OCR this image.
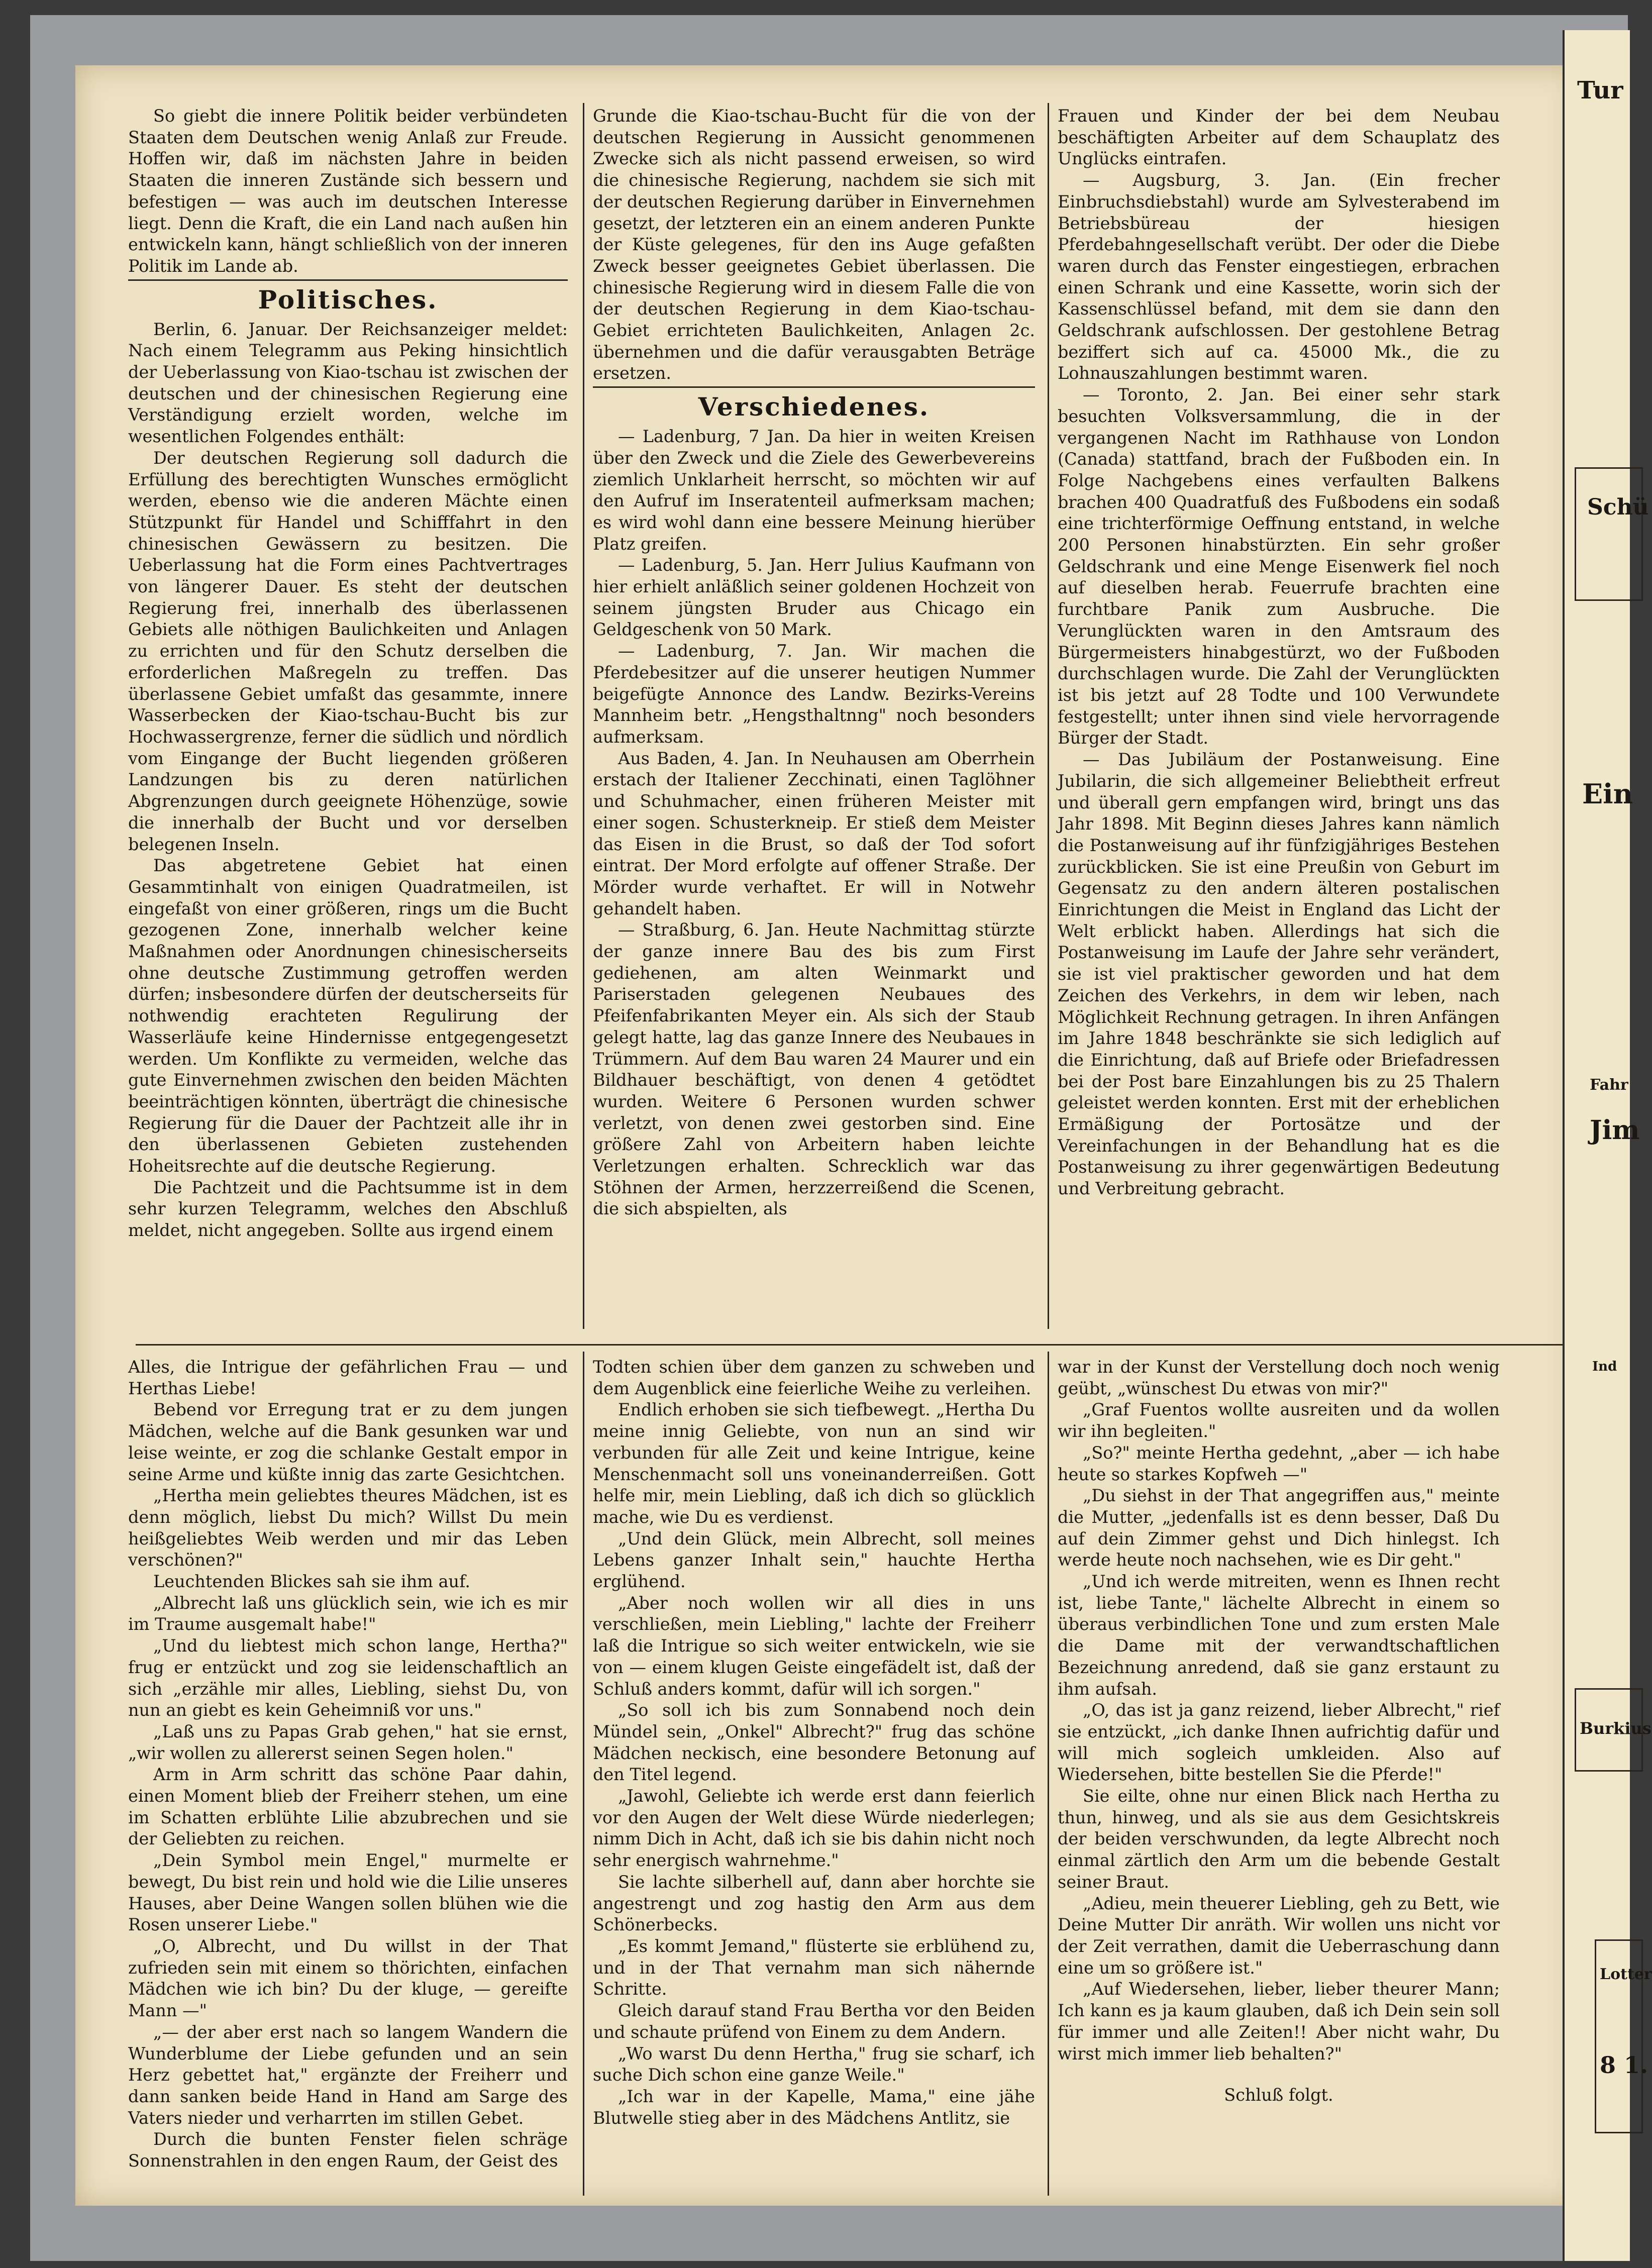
So giebt die innere Politik beider verbündeten Staaten dem Deutschen wenig Anlaß zur Freude. Hoffen wir, daß im nächsten Jahre in beiden Staaten die inneren Zustände sich bessern und befestigen — was auch im deutschen Interesse liegt. Denn die Kraft, die ein Land nach außen hin entwickeln kann, hängt schließlich von der inneren Politik im Lande ab.

Politisches.

Berlin, 6. Januar. Der Reichsanzeiger meldet: Nach einem Telegramm aus Peking hinsichtlich der Ueberlassung von Kiao-tschau ist zwischen der deutschen und der chinesischen Regierung eine Verständigung erzielt worden, welche im wesentlichen Folgendes enthält:

Der deutschen Regierung soll dadurch die Erfüllung des berechtigten Wunsches ermöglicht werden, ebenso wie die anderen Mächte einen Stützpunkt für Handel und Schifffahrt in den chinesischen Gewässern zu besitzen. Die Ueberlassung hat die Form eines Pachtvertrages von längerer Dauer. Es steht der deutschen Regierung frei, innerhalb des überlassenen Gebiets alle nöthigen Baulichkeiten und Anlagen zu errichten und für den Schutz derselben die erforderlichen Maßregeln zu treffen. Das überlassene Gebiet umfaßt das gesammte, innere Wasserbecken der Kiao-tschau-Bucht bis zur Hochwassergrenze, ferner die südlich und nördlich vom Eingange der Bucht liegenden größeren Landzungen bis zu deren natürlichen Abgrenzungen durch geeignete Höhenzüge, sowie die innerhalb der Bucht und vor derselben belegenen Inseln.

Das abgetretene Gebiet hat einen Gesammtinhalt von einigen Quadratmeilen, ist eingefaßt von einer größeren, rings um die Bucht gezogenen Zone, innerhalb welcher keine Maßnahmen oder Anordnungen chinesischerseits ohne deutsche Zustimmung getroffen werden dürfen; insbesondere dürfen der deutscherseits für nothwendig erachteten Regulirung der Wasserläufe keine Hindernisse entgegengesetzt werden. Um Konflikte zu vermeiden, welche das gute Einvernehmen zwischen den beiden Mächten beeinträchtigen könnten, überträgt die chinesische Regierung für die Dauer der Pachtzeit alle ihr in den überlassenen Gebieten zustehenden Hoheitsrechte auf die deutsche Regierung.

Die Pachtzeit und die Pachtsumme ist in dem sehr kurzen Telegramm, welches den Abschluß meldet, nicht angegeben. Sollte aus irgend einem

Grunde die Kiao-tschau-Bucht für die von der deutschen Regierung in Aussicht genommenen Zwecke sich als nicht passend erweisen, so wird die chinesische Regierung, nachdem sie sich mit der deutschen Regierung darüber in Einvernehmen gesetzt, der letzteren ein an einem anderen Punkte der Küste gelegenes, für den ins Auge gefaßten Zweck besser geeignetes Gebiet überlassen. Die chinesische Regierung wird in diesem Falle die von der deutschen Regierung in dem Kiao-tschau-Gebiet errichteten Baulichkeiten, Anlagen 2c. übernehmen und die dafür verausgabten Beträge ersetzen.

Verschiedenes.

— Ladenburg, 7 Jan. Da hier in weiten Kreisen über den Zweck und die Ziele des Gewerbevereins ziemlich Unklarheit herrscht, so möchten wir auf den Aufruf im Inseratenteil aufmerksam machen; es wird wohl dann eine bessere Meinung hierüber Platz greifen.

— Ladenburg, 5. Jan. Herr Julius Kaufmann von hier erhielt anläßlich seiner goldenen Hochzeit von seinem jüngsten Bruder aus Chicago ein Geldgeschenk von 50 Mark.

— Ladenburg, 7. Jan. Wir machen die Pferdebesitzer auf die unserer heutigen Nummer beigefügte Annonce des Landw. Bezirks-Vereins Mannheim betr. „Hengsthaltnng" noch besonders aufmerksam.

Aus Baden, 4. Jan. In Neuhausen am Oberrhein erstach der Italiener Zecchinati, einen Taglöhner und Schuhmacher, einen früheren Meister mit einer sogen. Schusterkneip. Er stieß dem Meister das Eisen in die Brust, so daß der Tod sofort eintrat. Der Mord erfolgte auf offener Straße. Der Mörder wurde verhaftet. Er will in Notwehr gehandelt haben.

— Straßburg, 6. Jan. Heute Nachmittag stürzte der ganze innere Bau des bis zum First gediehenen, am alten Weinmarkt und Pariserstaden gelegenen Neubaues des Pfeifenfabrikanten Meyer ein. Als sich der Staub gelegt hatte, lag das ganze Innere des Neubaues in Trümmern. Auf dem Bau waren 24 Maurer und ein Bildhauer beschäftigt, von denen 4 getödtet wurden. Weitere 6 Personen wurden schwer verletzt, von denen zwei gestorben sind. Eine größere Zahl von Arbeitern haben leichte Verletzungen erhalten. Schrecklich war das Stöhnen der Armen, herzzerreißend die Scenen, die sich abspielten, als

Frauen und Kinder der bei dem Neubau beschäftigten Arbeiter auf dem Schauplatz des Unglücks eintrafen.

— Augsburg, 3. Jan. (Ein frecher Einbruchsdiebstahl) wurde am Sylvesterabend im Betriebsbüreau der hiesigen Pferdebahngesellschaft verübt. Der oder die Diebe waren durch das Fenster eingestiegen, erbrachen einen Schrank und eine Kassette, worin sich der Kassenschlüssel befand, mit dem sie dann den Geldschrank aufschlossen. Der gestohlene Betrag beziffert sich auf ca. 45000 Mk., die zu Lohnauszahlungen bestimmt waren.

— Toronto, 2. Jan. Bei einer sehr stark besuchten Volksversammlung, die in der vergangenen Nacht im Rathhause von London (Canada) stattfand, brach der Fußboden ein. In Folge Nachgebens eines verfaulten Balkens brachen 400 Quadratfuß des Fußbodens ein sodaß eine trichterförmige Oeffnung entstand, in welche 200 Personen hinabstürzten. Ein sehr großer Geldschrank und eine Menge Eisenwerk fiel noch auf dieselben herab. Feuerrufe brachten eine furchtbare Panik zum Ausbruche. Die Verunglückten waren in den Amtsraum des Bürgermeisters hinabgestürzt, wo der Fußboden durchschlagen wurde. Die Zahl der Verunglückten ist bis jetzt auf 28 Todte und 100 Verwundete festgestellt; unter ihnen sind viele hervorragende Bürger der Stadt.

— Das Jubiläum der Postanweisung. Eine Jubilarin, die sich allgemeiner Beliebtheit erfreut und überall gern empfangen wird, bringt uns das Jahr 1898. Mit Beginn dieses Jahres kann nämlich die Postanweisung auf ihr fünfzigjähriges Bestehen zurückblicken. Sie ist eine Preußin von Geburt im Gegensatz zu den andern älteren postalischen Einrichtungen die Meist in England das Licht der Welt erblickt haben. Allerdings hat sich die Postanweisung im Laufe der Jahre sehr verändert, sie ist viel praktischer geworden und hat dem Zeichen des Verkehrs, in dem wir leben, nach Möglichkeit Rechnung getragen. In ihren Anfängen im Jahre 1848 beschränkte sie sich lediglich auf die Einrichtung, daß auf Briefe oder Briefadressen bei der Post bare Einzahlungen bis zu 25 Thalern geleistet werden konnten. Erst mit der erheblichen Ermäßigung der Portosätze und der Vereinfachungen in der Behandlung hat es die Postanweisung zu ihrer gegenwärtigen Bedeutung und Verbreitung gebracht.

Alles, die Intrigue der gefährlichen Frau — und Herthas Liebe!

Bebend vor Erregung trat er zu dem jungen Mädchen, welche auf die Bank gesunken war und leise weinte, er zog die schlanke Gestalt empor in seine Arme und küßte innig das zarte Gesichtchen.

„Hertha mein geliebtes theures Mädchen, ist es denn möglich, liebst Du mich? Willst Du mein heißgeliebtes Weib werden und mir das Leben verschönen?"

Leuchtenden Blickes sah sie ihm auf.

„Albrecht laß uns glücklich sein, wie ich es mir im Traume ausgemalt habe!"

„Und du liebtest mich schon lange, Hertha?" frug er entzückt und zog sie leidenschaftlich an sich „erzähle mir alles, Liebling, siehst Du, von nun an giebt es kein Geheimniß vor uns."

„Laß uns zu Papas Grab gehen," hat sie ernst, „wir wollen zu allererst seinen Segen holen."

Arm in Arm schritt das schöne Paar dahin, einen Moment blieb der Freiherr stehen, um eine im Schatten erblühte Lilie abzubrechen und sie der Geliebten zu reichen.

„Dein Symbol mein Engel," murmelte er bewegt, Du bist rein und hold wie die Lilie unseres Hauses, aber Deine Wangen sollen blühen wie die Rosen unserer Liebe."

„O, Albrecht, und Du willst in der That zufrieden sein mit einem so thörichten, einfachen Mädchen wie ich bin? Du der kluge, — gereifte Mann —"

„— der aber erst nach so langem Wandern die Wunderblume der Liebe gefunden und an sein Herz gebettet hat," ergänzte der Freiherr und dann sanken beide Hand in Hand am Sarge des Vaters nieder und verharrten im stillen Gebet.

Durch die bunten Fenster fielen schräge Sonnenstrahlen in den engen Raum, der Geist des

Todten schien über dem ganzen zu schweben und dem Augenblick eine feierliche Weihe zu verleihen.

Endlich erhoben sie sich tiefbewegt. „Hertha Du meine innig Geliebte, von nun an sind wir verbunden für alle Zeit und keine Intrigue, keine Menschenmacht soll uns voneinanderreißen. Gott helfe mir, mein Liebling, daß ich dich so glücklich mache, wie Du es verdienst.

„Und dein Glück, mein Albrecht, soll meines Lebens ganzer Inhalt sein," hauchte Hertha erglühend.

„Aber noch wollen wir all dies in uns verschließen, mein Liebling," lachte der Freiherr laß die Intrigue so sich weiter entwickeln, wie sie von — einem klugen Geiste eingefädelt ist, daß der Schluß anders kommt, dafür will ich sorgen."

„So soll ich bis zum Sonnabend noch dein Mündel sein, „Onkel" Albrecht?" frug das schöne Mädchen neckisch, eine besondere Betonung auf den Titel legend.

„Jawohl, Geliebte ich werde erst dann feierlich vor den Augen der Welt diese Würde niederlegen; nimm Dich in Acht, daß ich sie bis dahin nicht noch sehr energisch wahrnehme."

Sie lachte silberhell auf, dann aber horchte sie angestrengt und zog hastig den Arm aus dem Schönerbecks.

„Es kommt Jemand," flüsterte sie erblühend zu, und in der That vernahm man sich nähernde Schritte.

Gleich darauf stand Frau Bertha vor den Beiden und schaute prüfend von Einem zu dem Andern.

„Wo warst Du denn Hertha," frug sie scharf, ich suche Dich schon eine ganze Weile."

„Ich war in der Kapelle, Mama," eine jähe Blutwelle stieg aber in des Mädchens Antlitz, sie

war in der Kunst der Verstellung doch noch wenig geübt, „wünschest Du etwas von mir?"

„Graf Fuentos wollte ausreiten und da wollen wir ihn begleiten."

„So?" meinte Hertha gedehnt, „aber — ich habe heute so starkes Kopfweh —"

„Du siehst in der That angegriffen aus," meinte die Mutter, „jedenfalls ist es denn besser, Daß Du auf dein Zimmer gehst und Dich hinlegst. Ich werde heute noch nachsehen, wie es Dir geht."

„Und ich werde mitreiten, wenn es Ihnen recht ist, liebe Tante," lächelte Albrecht in einem so überaus verbindlichen Tone und zum ersten Male die Dame mit der verwandtschaftlichen Bezeichnung anredend, daß sie ganz erstaunt zu ihm aufsah.

„O, das ist ja ganz reizend, lieber Albrecht," rief sie entzückt, „ich danke Ihnen aufrichtig dafür und will mich sogleich umkleiden. Also auf Wiedersehen, bitte bestellen Sie die Pferde!"

Sie eilte, ohne nur einen Blick nach Hertha zu thun, hinweg, und als sie aus dem Gesichtskreis der beiden verschwunden, da legte Albrecht noch einmal zärtlich den Arm um die bebende Gestalt seiner Braut.

„Adieu, mein theuerer Liebling, geh zu Bett, wie Deine Mutter Dir anräth. Wir wollen uns nicht vor der Zeit verrathen, damit die Ueberraschung dann eine um so größere ist."

„Auf Wiedersehen, lieber, lieber theurer Mann; Ich kann es ja kaum glauben, daß ich Dein sein soll für immer und alle Zeiten!! Aber nicht wahr, Du wirst mich immer lieb behalten?"

Schluß folgt.

Tur
Schü
Ein
Fahr
Jim
Ind
Burkius
Lotter
8 1.
